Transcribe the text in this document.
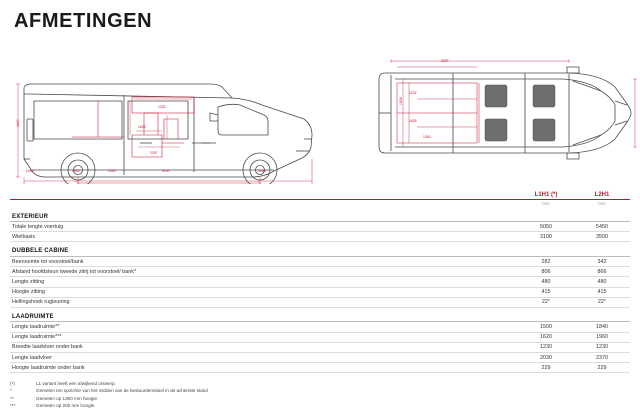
AFMETINGEN
1640
1056	1990	2050	3100	5050
1232
1628
2297
1232
1628
2297
1904
1340
	L1H1 (*)	L2H1
	mm	mm
EXTERIEUR		
Totale lengte voertuig	5050	5450
Wielbasis	3100	3500
DUBBELE CABINE		
Beenruimte tot voorstoel/bank	282	342
Afstand hoofdsteun tweede zitrij tot voorstoel/ bank*	806	866
Lengte zitting	480	480
Hoogte zitting	415	415
Hellingshoek rugleuning	22°	22°
LAADRUIMTE		
Lengte laadruimte**	1500	1840
Lengte laadruimte***	1620	1960
Breedte laadvloer onder bank	1230	1230
Lengte laadvloer	2030	2370
Hoogte laadruimte onder bank	229	229
(*)	L1 variant heeft een afwijkend ontwerp.
*	Gemeten ten opzichte van het midden van de bestuurdersstoel in de achterste stand
**	Gemeten op 1300 mm hoogte
***	Gemeten op 200 mm hoogte
